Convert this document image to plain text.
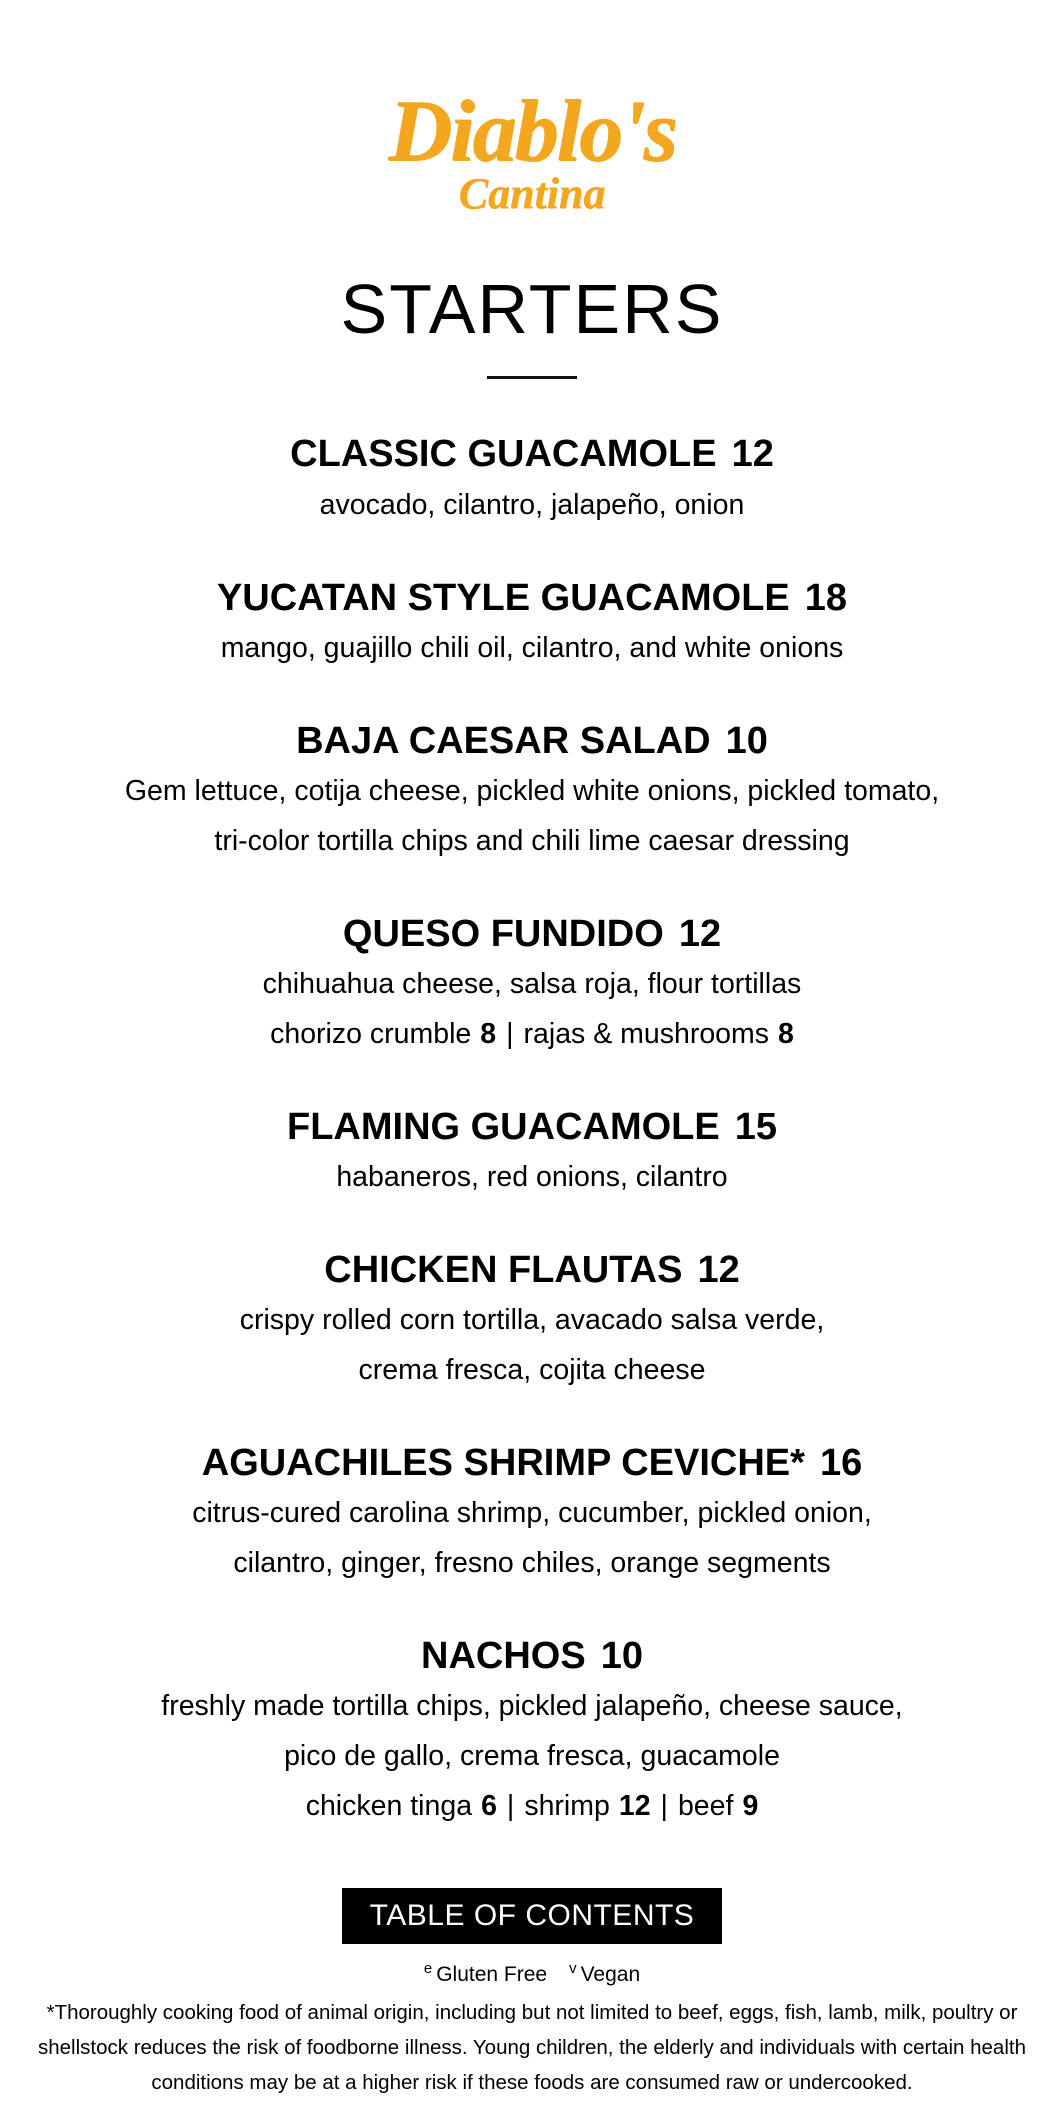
Diablo's
Cantina
STARTERS
CLASSIC GUACAMOLE 12
avocado, cilantro, jalapeño, onion
YUCATAN STYLE GUACAMOLE 18
mango, guajillo chili oil, cilantro, and white onions
BAJA CAESAR SALAD 10
Gem lettuce, cotija cheese, pickled white onions, pickled tomato,
tri-color tortilla chips and chili lime caesar dressing
QUESO FUNDIDO 12
chihuahua cheese, salsa roja, flour tortillas
chorizo crumble 8 | rajas & mushrooms 8
FLAMING GUACAMOLE 15
habaneros, red onions, cilantro
CHICKEN FLAUTAS 12
crispy rolled corn tortilla, avacado salsa verde,
crema fresca, cojita cheese
AGUACHILES SHRIMP CEVICHE* 16
citrus-cured carolina shrimp, cucumber, pickled onion,
cilantro, ginger, fresno chiles, orange segments
NACHOS 10
freshly made tortilla chips, pickled jalapeño, cheese sauce,
pico de gallo, crema fresca, guacamole
chicken tinga 6 | shrimp 12 | beef 9
TABLE OF CONTENTS
$^e$ Gluten Free $^v$ Vegan
*Thoroughly cooking food of animal origin, including but not limited to beef, eggs, fish, lamb, milk, poultry or
shellstock reduces the risk of foodborne illness. Young children, the elderly and individuals with certain health
conditions may be at a higher risk if these foods are consumed raw or undercooked.
